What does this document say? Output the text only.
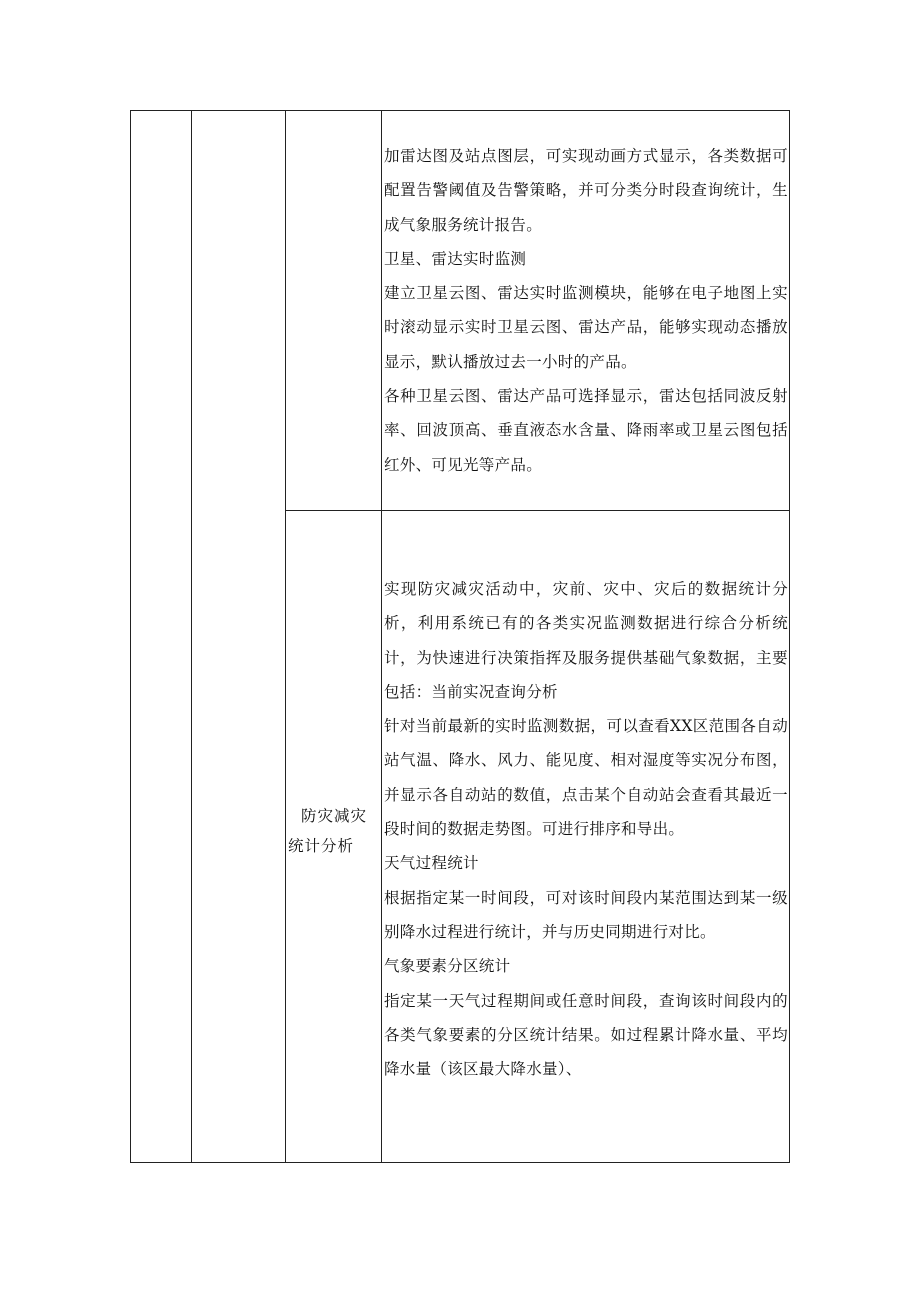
加雷达图及站点图层，可实现动画方式显示，各类数据可配置告警阈值及告警策略，并可分类分时段查询统计，生成气象服务统计报告。

卫星、雷达实时监测

建立卫星云图、雷达实时监测模块，能够在电子地图上实时滚动显示实时卫星云图、雷达产品，能够实现动态播放显示，默认播放过去一小时的产品。

各种卫星云图、雷达产品可选择显示，雷达包括同波反射率、回波顶高、垂直液态水含量、降雨率或卫星云图包括红外、可见光等产品。

防灾减灾
统计分析

实现防灾减灾活动中，灾前、灾中、灾后的数据统计分析，利用系统已有的各类实况监测数据进行综合分析统计，为快速进行决策指挥及服务提供基础气象数据，主要包括：当前实况查询分析

针对当前最新的实时监测数据，可以查看XX区范围各自动站气温、降水、风力、能见度、相对湿度等实况分布图，并显示各自动站的数值，点击某个自动站会查看其最近一段时间的数据走势图。可进行排序和导出。

天气过程统计

根据指定某一时间段，可对该时间段内某范围达到某一级别降水过程进行统计，并与历史同期进行对比。

气象要素分区统计

指定某一天气过程期间或任意时间段，查询该时间段内的各类气象要素的分区统计结果。如过程累计降水量、平均降水量（该区最大降水量）、
